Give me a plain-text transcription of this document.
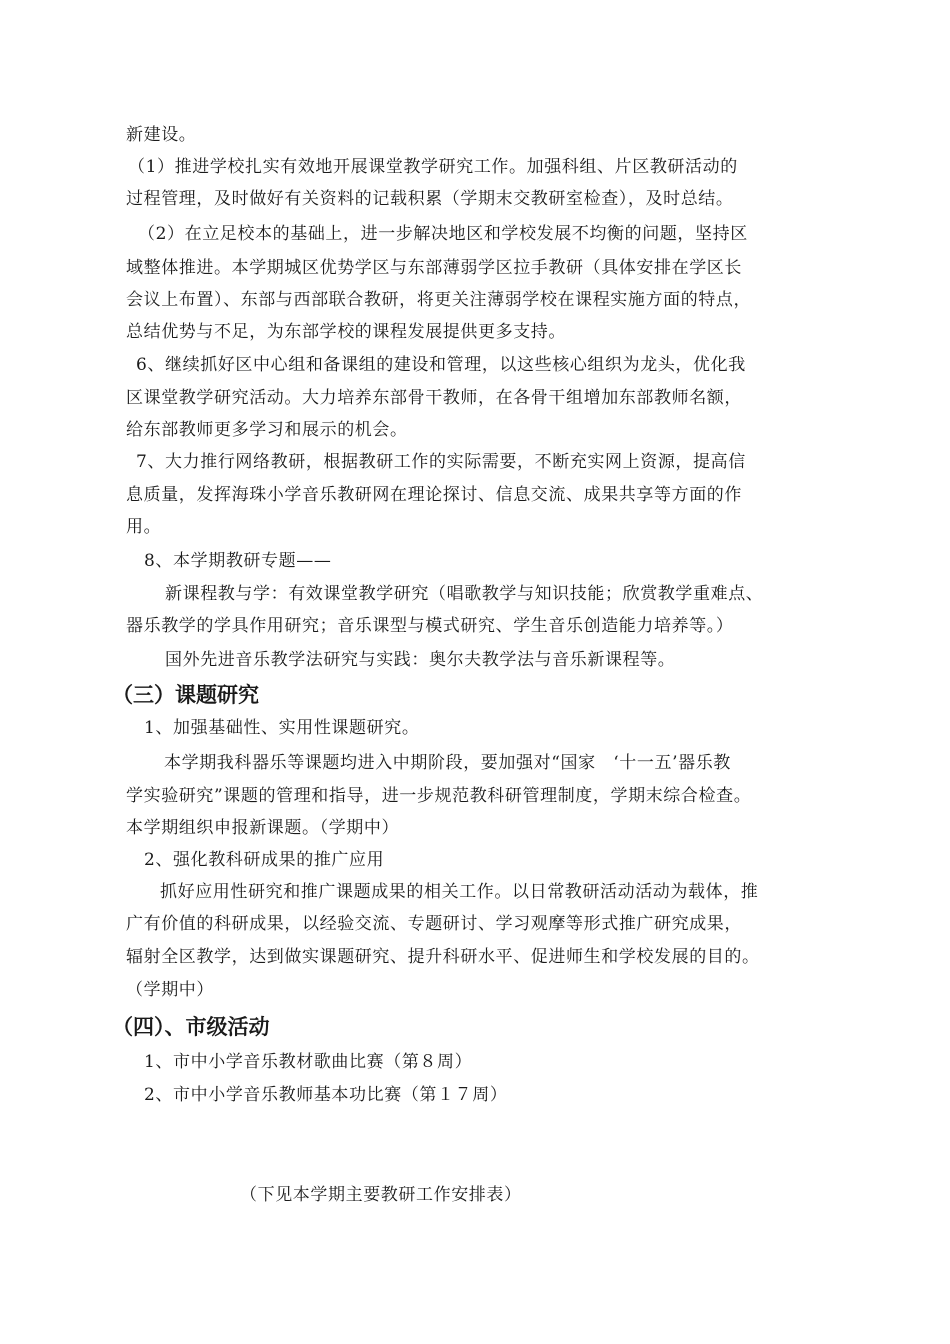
新建设。
（1）推进学校扎实有效地开展课堂教学研究工作。加强科组、片区教研活动的
过程管理，及时做好有关资料的记载积累（学期末交教研室检查），及时总结。
（2）在立足校本的基础上，进一步解决地区和学校发展不均衡的问题，坚持区
域整体推进。本学期城区优势学区与东部薄弱学区拉手教研（具体安排在学区长
会议上布置）、东部与西部联合教研，将更关注薄弱学校在课程实施方面的特点，
总结优势与不足，为东部学校的课程发展提供更多支持。
6、继续抓好区中心组和备课组的建设和管理，以这些核心组织为龙头，优化我
区课堂教学研究活动。大力培养东部骨干教师，在各骨干组增加东部教师名额，
给东部教师更多学习和展示的机会。
7、大力推行网络教研，根据教研工作的实际需要，不断充实网上资源，提高信
息质量，发挥海珠小学音乐教研网在理论探讨、信息交流、成果共享等方面的作
用。
8、本学期教研专题——
新课程教与学：有效课堂教学研究（唱歌教学与知识技能；欣赏教学重难点、
器乐教学的学具作用研究；音乐课型与模式研究、学生音乐创造能力培养等。）
国外先进音乐教学法研究与实践：奥尔夫教学法与音乐新课程等。
（三）课题研究
1、加强基础性、实用性课题研究。
本学期我科器乐等课题均进入中期阶段，要加强对“国家　‘十一五’器乐教
学实验研究”课题的管理和指导，进一步规范教科研管理制度，学期末综合检查。
本学期组织申报新课题。（学期中）
2、强化教科研成果的推广应用
抓好应用性研究和推广课题成果的相关工作。以日常教研活动活动为载体，推
广有价值的科研成果，以经验交流、专题研讨、学习观摩等形式推广研究成果，
辐射全区教学，达到做实课题研究、提升科研水平、促进师生和学校发展的目的。
（学期中）
（四）、市级活动
1、市中小学音乐教材歌曲比赛（第８周）
2、市中小学音乐教师基本功比赛（第１７周）
（下见本学期主要教研工作安排表）
